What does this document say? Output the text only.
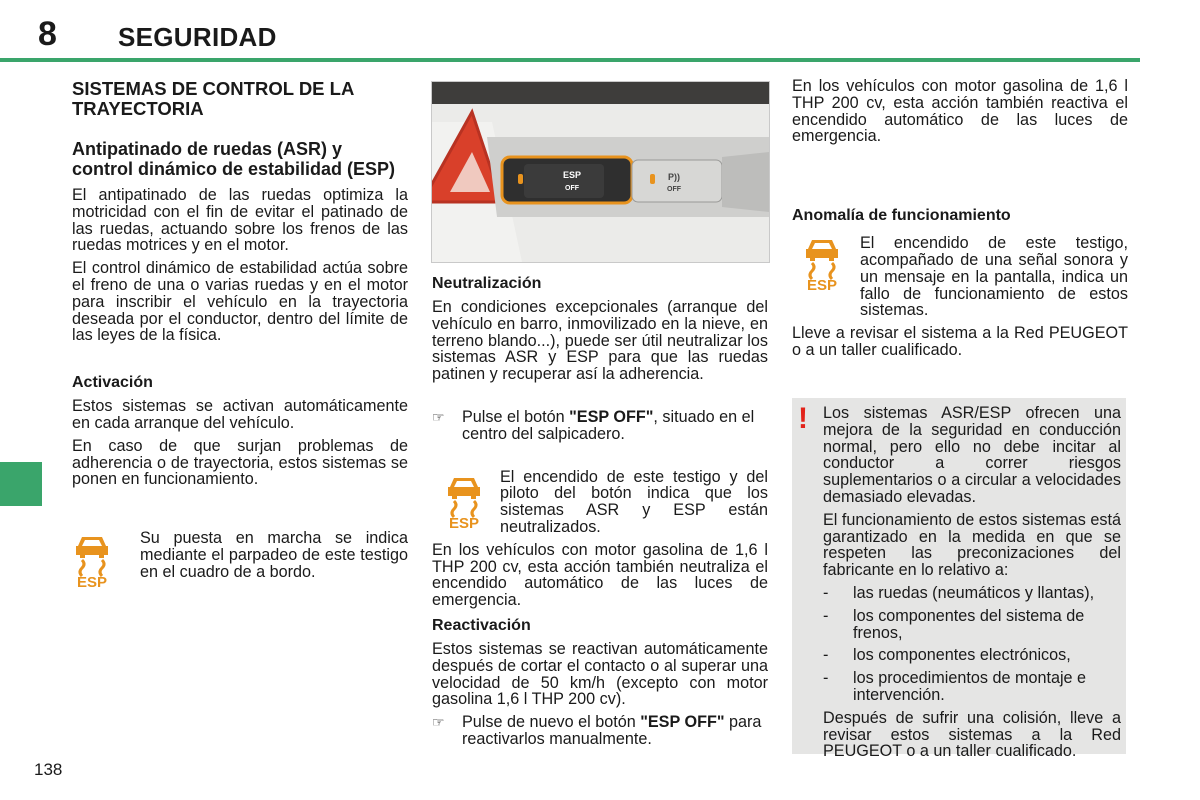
8 SEGURIDAD
138
SISTEMAS DE CONTROL DE LA TRAYECTORIA
Antipatinado de ruedas (ASR) y control dinámico de estabilidad (ESP)

El antipatinado de las ruedas optimiza la motricidad con el fin de evitar el patinado de las ruedas, actuando sobre los frenos de las ruedas motrices y en el motor.

El control dinámico de estabilidad actúa sobre el freno de una o varias ruedas y en el motor para inscribir el vehículo en la trayectoria deseada por el conductor, dentro del límite de las leyes de la física.

Activación

Estos sistemas se activan automáticamente en cada arranque del vehículo.

En caso de que surjan problemas de adherencia o de trayectoria, estos sistemas se ponen en funcionamiento.

ESP

Su puesta en marcha se indica mediante el parpadeo de este testigo en el cuadro de a bordo.

ESP
OFF
P))
OFF
Neutralización

En condiciones excepcionales (arranque del vehículo en barro, inmovilizado en la nieve, en terreno blando...), puede ser útil neutralizar los sistemas ASR y ESP para que las ruedas patinen y recuperar así la adherencia.

☞	Pulse el botón "ESP OFF", situado en el centro del salpicadero.
ESP

El encendido de este testigo y del piloto del botón indica que los sistemas ASR y ESP están neutralizados.

En los vehículos con motor gasolina de 1,6 l THP 200 cv, esta acción también neutraliza el encendido automático de las luces de emergencia.

Reactivación

Estos sistemas se reactivan automáticamente después de cortar el contacto o al superar una velocidad de 50 km/h (excepto con motor gasolina 1,6 l THP 200 cv).

☞	Pulse de nuevo el botón "ESP OFF" para reactivarlos manualmente.

En los vehículos con motor gasolina de 1,6 l THP 200 cv, esta acción también reactiva el encendido automático de las luces de emergencia.

Anomalía de funcionamiento
ESP

El encendido de este testigo, acompañado de una señal sonora y un mensaje en la pantalla, indica un fallo de funcionamiento de estos sistemas.

Lleve a revisar el sistema a la Red PEUGEOT o a un taller cualificado.

! Los sistemas ASR/ESP ofrecen una mejora de la seguridad en conducción normal, pero ello no debe incitar al conductor a correr riesgos suplementarios o a circular a velocidades demasiado elevadas.

El funcionamiento de estos sistemas está garantizado en la medida en que se respeten las preconizaciones del fabricante en lo relativo a:

-	las ruedas (neumáticos y llantas),
-	los componentes del sistema de frenos,
-	los componentes electrónicos,
-	los procedimientos de montaje e intervención.

Después de sufrir una colisión, lleve a revisar estos sistemas a la Red PEUGEOT o a un taller cualificado.
